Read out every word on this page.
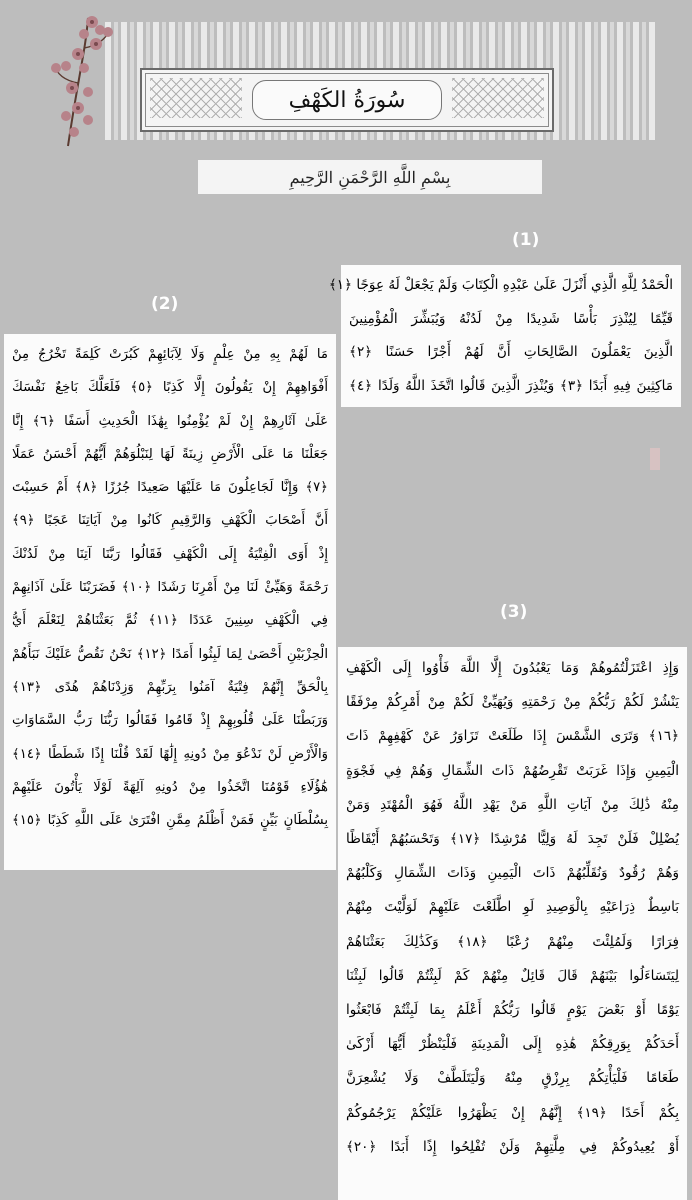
سُورَةُ الكَهْفِ
بِسْمِ اللَّهِ الرَّحْمَنِ الرَّحِيمِ
(1)
(2)
(3)
الْحَمْدُ لِلَّهِ الَّذِي أَنْزَلَ عَلَىٰ عَبْدِهِ الْكِتَابَ وَلَمْ يَجْعَلْ لَهُ عِوَجًا ﴿١﴾
قَيِّمًا لِيُنْذِرَ بَأْسًا شَدِيدًا مِنْ لَدُنْهُ وَيُبَشِّرَ الْمُؤْمِنِينَ
الَّذِينَ يَعْمَلُونَ الصَّالِحَاتِ أَنَّ لَهُمْ أَجْرًا حَسَنًا ﴿٢﴾
مَاكِثِينَ فِيهِ أَبَدًا ﴿٣﴾ وَيُنْذِرَ الَّذِينَ قَالُوا اتَّخَذَ اللَّهُ وَلَدًا ﴿٤﴾
مَا لَهُمْ بِهِ مِنْ عِلْمٍ وَلَا لِآبَائِهِمْ كَبُرَتْ كَلِمَةً تَخْرُجُ مِنْ
أَفْوَاهِهِمْ إِنْ يَقُولُونَ إِلَّا كَذِبًا ﴿٥﴾ فَلَعَلَّكَ بَاخِعٌ نَفْسَكَ
عَلَىٰ آثَارِهِمْ إِنْ لَمْ يُؤْمِنُوا بِهَٰذَا الْحَدِيثِ أَسَفًا ﴿٦﴾ إِنَّا
جَعَلْنَا مَا عَلَى الْأَرْضِ زِينَةً لَهَا لِنَبْلُوَهُمْ أَيُّهُمْ أَحْسَنُ عَمَلًا
﴿٧﴾ وَإِنَّا لَجَاعِلُونَ مَا عَلَيْهَا صَعِيدًا جُرُزًا ﴿٨﴾ أَمْ حَسِبْتَ
أَنَّ أَصْحَابَ الْكَهْفِ وَالرَّقِيمِ كَانُوا مِنْ آيَاتِنَا عَجَبًا ﴿٩﴾
إِذْ أَوَى الْفِتْيَةُ إِلَى الْكَهْفِ فَقَالُوا رَبَّنَا آتِنَا مِنْ لَدُنْكَ
رَحْمَةً وَهَيِّئْ لَنَا مِنْ أَمْرِنَا رَشَدًا ﴿١٠﴾ فَضَرَبْنَا عَلَىٰ آذَانِهِمْ
فِي الْكَهْفِ سِنِينَ عَدَدًا ﴿١١﴾ ثُمَّ بَعَثْنَاهُمْ لِنَعْلَمَ أَيُّ
الْحِزْبَيْنِ أَحْصَىٰ لِمَا لَبِثُوا أَمَدًا ﴿١٢﴾ نَحْنُ نَقُصُّ عَلَيْكَ نَبَأَهُمْ
بِالْحَقِّ إِنَّهُمْ فِتْيَةٌ آمَنُوا بِرَبِّهِمْ وَزِدْنَاهُمْ هُدًى ﴿١٣﴾
وَرَبَطْنَا عَلَىٰ قُلُوبِهِمْ إِذْ قَامُوا فَقَالُوا رَبُّنَا رَبُّ السَّمَاوَاتِ
وَالْأَرْضِ لَنْ نَدْعُوَ مِنْ دُونِهِ إِلَٰهًا لَقَدْ قُلْنَا إِذًا شَطَطًا ﴿١٤﴾
هَٰؤُلَاءِ قَوْمُنَا اتَّخَذُوا مِنْ دُونِهِ آلِهَةً لَوْلَا يَأْتُونَ عَلَيْهِمْ
بِسُلْطَانٍ بَيِّنٍ فَمَنْ أَظْلَمُ مِمَّنِ افْتَرَىٰ عَلَى اللَّهِ كَذِبًا ﴿١٥﴾
وَإِذِ اعْتَزَلْتُمُوهُمْ وَمَا يَعْبُدُونَ إِلَّا اللَّهَ فَأْوُوا إِلَى الْكَهْفِ
يَنْشُرْ لَكُمْ رَبُّكُمْ مِنْ رَحْمَتِهِ وَيُهَيِّئْ لَكُمْ مِنْ أَمْرِكُمْ مِرْفَقًا
﴿١٦﴾ وَتَرَى الشَّمْسَ إِذَا طَلَعَتْ تَزَاوَرُ عَنْ كَهْفِهِمْ ذَاتَ
الْيَمِينِ وَإِذَا غَرَبَتْ تَقْرِضُهُمْ ذَاتَ الشِّمَالِ وَهُمْ فِي فَجْوَةٍ
مِنْهُ ذَٰلِكَ مِنْ آيَاتِ اللَّهِ مَنْ يَهْدِ اللَّهُ فَهُوَ الْمُهْتَدِ وَمَنْ
يُضْلِلْ فَلَنْ تَجِدَ لَهُ وَلِيًّا مُرْشِدًا ﴿١٧﴾ وَتَحْسَبُهُمْ أَيْقَاظًا
وَهُمْ رُقُودٌ وَنُقَلِّبُهُمْ ذَاتَ الْيَمِينِ وَذَاتَ الشِّمَالِ وَكَلْبُهُمْ
بَاسِطٌ ذِرَاعَيْهِ بِالْوَصِيدِ لَوِ اطَّلَعْتَ عَلَيْهِمْ لَوَلَّيْتَ مِنْهُمْ
فِرَارًا وَلَمُلِئْتَ مِنْهُمْ رُعْبًا ﴿١٨﴾ وَكَذَٰلِكَ بَعَثْنَاهُمْ
لِيَتَسَاءَلُوا بَيْنَهُمْ قَالَ قَائِلٌ مِنْهُمْ كَمْ لَبِثْتُمْ قَالُوا لَبِثْنَا
يَوْمًا أَوْ بَعْضَ يَوْمٍ قَالُوا رَبُّكُمْ أَعْلَمُ بِمَا لَبِثْتُمْ فَابْعَثُوا
أَحَدَكُمْ بِوَرِقِكُمْ هَٰذِهِ إِلَى الْمَدِينَةِ فَلْيَنْظُرْ أَيُّهَا أَزْكَىٰ
طَعَامًا فَلْيَأْتِكُمْ بِرِزْقٍ مِنْهُ وَلْيَتَلَطَّفْ وَلَا يُشْعِرَنَّ
بِكُمْ أَحَدًا ﴿١٩﴾ إِنَّهُمْ إِنْ يَظْهَرُوا عَلَيْكُمْ يَرْجُمُوكُمْ
أَوْ يُعِيدُوكُمْ فِي مِلَّتِهِمْ وَلَنْ تُفْلِحُوا إِذًا أَبَدًا ﴿٢٠﴾
